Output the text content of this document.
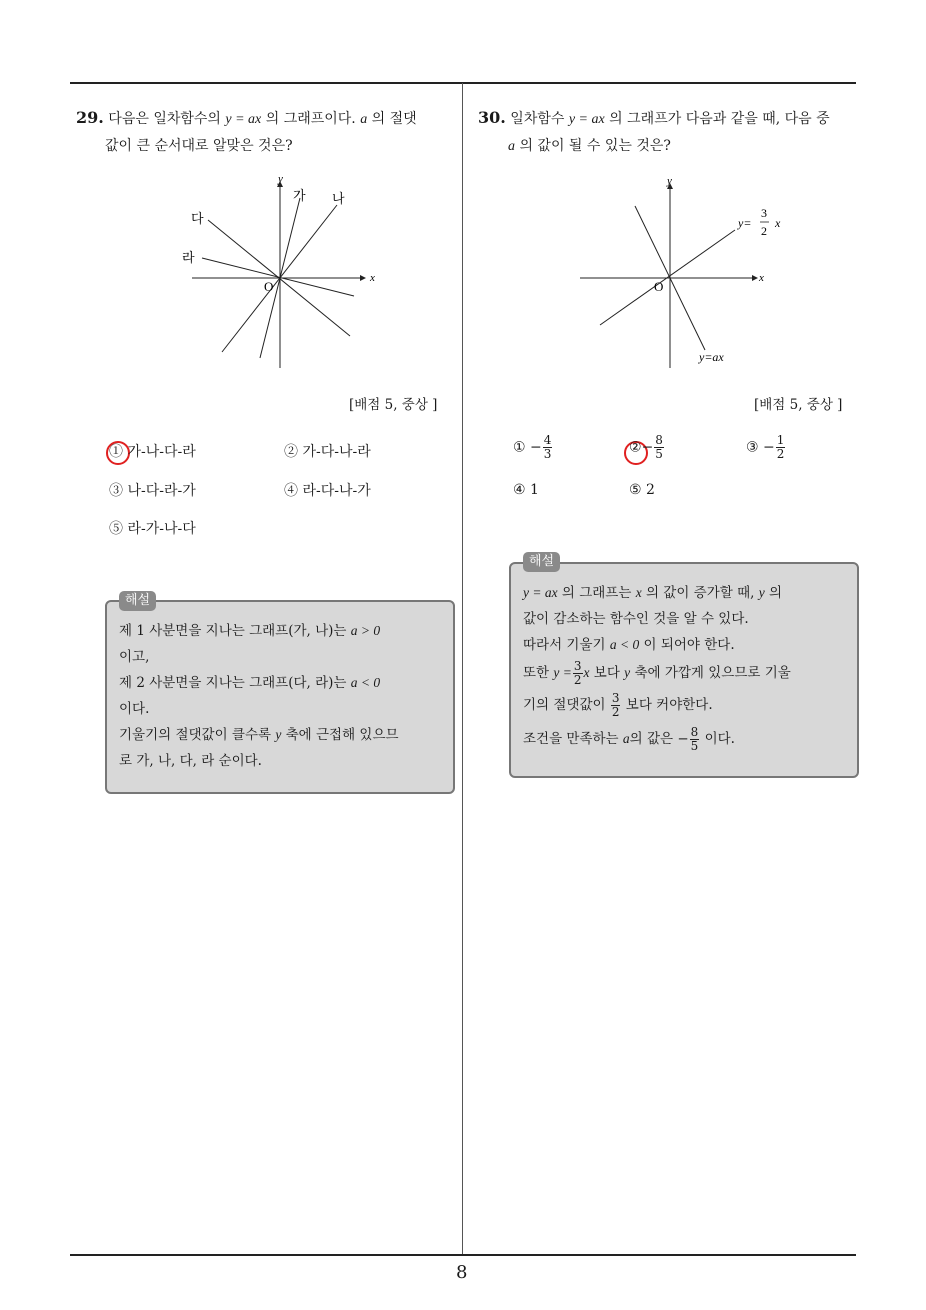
8
29. 다음은 일차함수의 y = ax 의 그래프이다. a 의 절댓
값이 큰 순서대로 알맞은 것은?
y
x
O
가 나
다
라
[배점 5, 중상 ]
① 가-나-다-라	② 가-다-나-라
③ 나-다-라-가	④ 라-다-나-가
⑤ 라-가-나-다

제 1 사분면을 지나는 그래프(가, 나)는 a > 0

이고,

제 2 사분면을 지나는 그래프(다, 라)는 a < 0

이다.

기울기의 절댓값이 클수록 y 축에 근접해 있으므

로 가, 나, 다, 라 순이다.

해설
30. 일차함수 y = ax 의 그래프가 다음과 같을 때, 다음 중
a 의 값이 될 수 있는 것은?
y
x
O
y=
3
2
x
y=ax
[배점 5, 중상 ]
① − $\frac{4}{3}$	②− $\frac{8}{5}$	③ − $\frac{1}{2}$
④ 1	⑤ 2

y = ax 의 그래프는 x 의 값이 증가할 때, y 의

값이 감소하는 함수인 것을 알 수 있다.

따라서 기울기 a < 0 이 되어야 한다.

또한 $y = \frac{3}{2}$ x 보다 y 축에 가깝게 있으므로 기울

기의 절댓값이 $\frac{3}{2}$ 보다 커야한다.

조건을 만족하는 a의 값은 − $\frac{8}{5}$ 이다.

해설
